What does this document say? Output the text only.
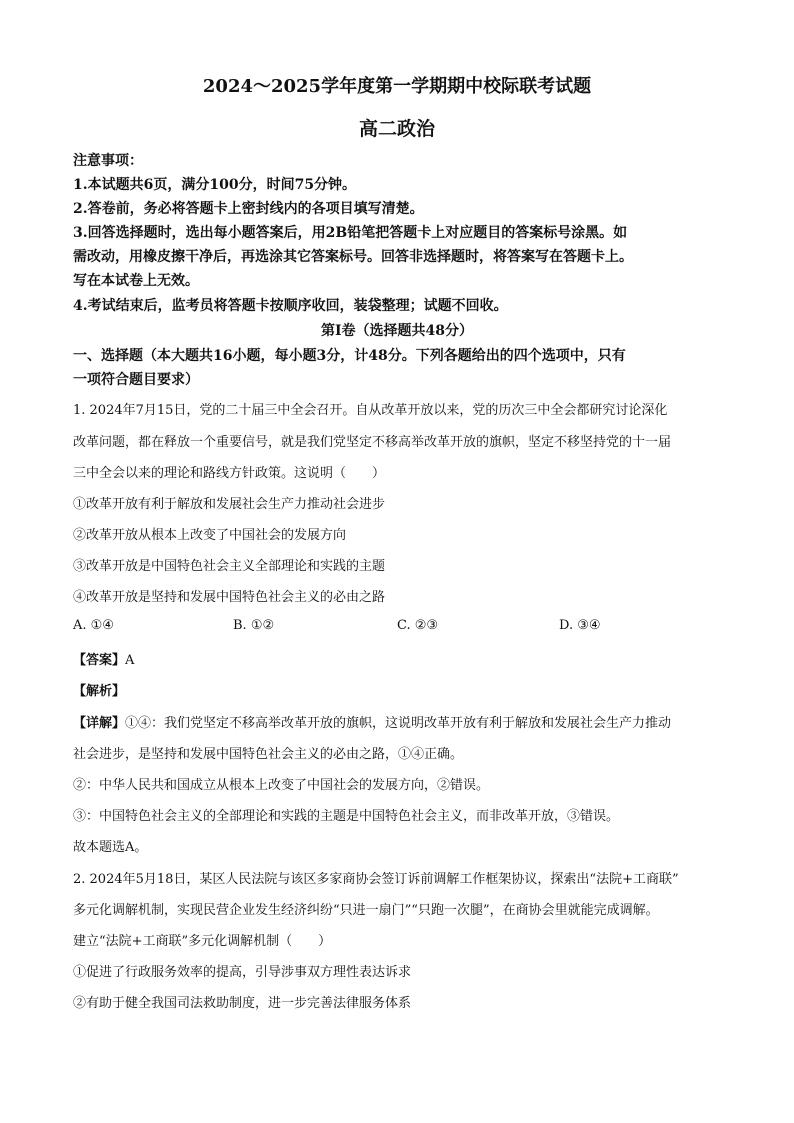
2024～2025学年度第一学期期中校际联考试题
高二政治
注意事项：
1.本试题共6页，满分100分，时间75分钟。
2.答卷前，务必将答题卡上密封线内的各项目填写清楚。
3.回答选择题时，选出每小题答案后，用2B铅笔把答题卡上对应题目的答案标号涂黑。如
需改动，用橡皮擦干净后，再选涂其它答案标号。回答非选择题时，将答案写在答题卡上。
写在本试卷上无效。
4.考试结束后，监考员将答题卡按顺序收回，装袋整理；试题不回收。
第Ⅰ卷（选择题共48分）
一、选择题（本大题共16小题，每小题3分，计48分。下列各题给出的四个选项中，只有
一项符合题目要求）
1. 2024年7月15日，党的二十届三中全会召开。自从改革开放以来，党的历次三中全会都研究讨论深化
改革问题，都在释放一个重要信号，就是我们党坚定不移高举改革开放的旗帜，坚定不移坚持党的十一届
三中全会以来的理论和路线方针政策。这说明（　　）
①改革开放有利于解放和发展社会生产力推动社会进步
②改革开放从根本上改变了中国社会的发展方向
③改革开放是中国特色社会主义全部理论和实践的主题
④改革开放是坚持和发展中国特色社会主义的必由之路
A. ①④	B. ①②	C. ②③	D. ③④
【答案】A
【解析】
【详解】①④：我们党坚定不移高举改革开放的旗帜，这说明改革开放有利于解放和发展社会生产力推动
社会进步，是坚持和发展中国特色社会主义的必由之路，①④正确。
②：中华人民共和国成立从根本上改变了中国社会的发展方向，②错误。
③：中国特色社会主义的全部理论和实践的主题是中国特色社会主义，而非改革开放，③错误。
故本题选A。
2. 2024年5月18日，某区人民法院与该区多家商协会签订诉前调解工作框架协议，探索出“法院+工商联”
多元化调解机制，实现民营企业发生经济纠纷“只进一扇门”“只跑一次腿”，在商协会里就能完成调解。
建立“法院+工商联”多元化调解机制（　　）
①促进了行政服务效率的提高，引导涉事双方理性表达诉求
②有助于健全我国司法救助制度，进一步完善法律服务体系
